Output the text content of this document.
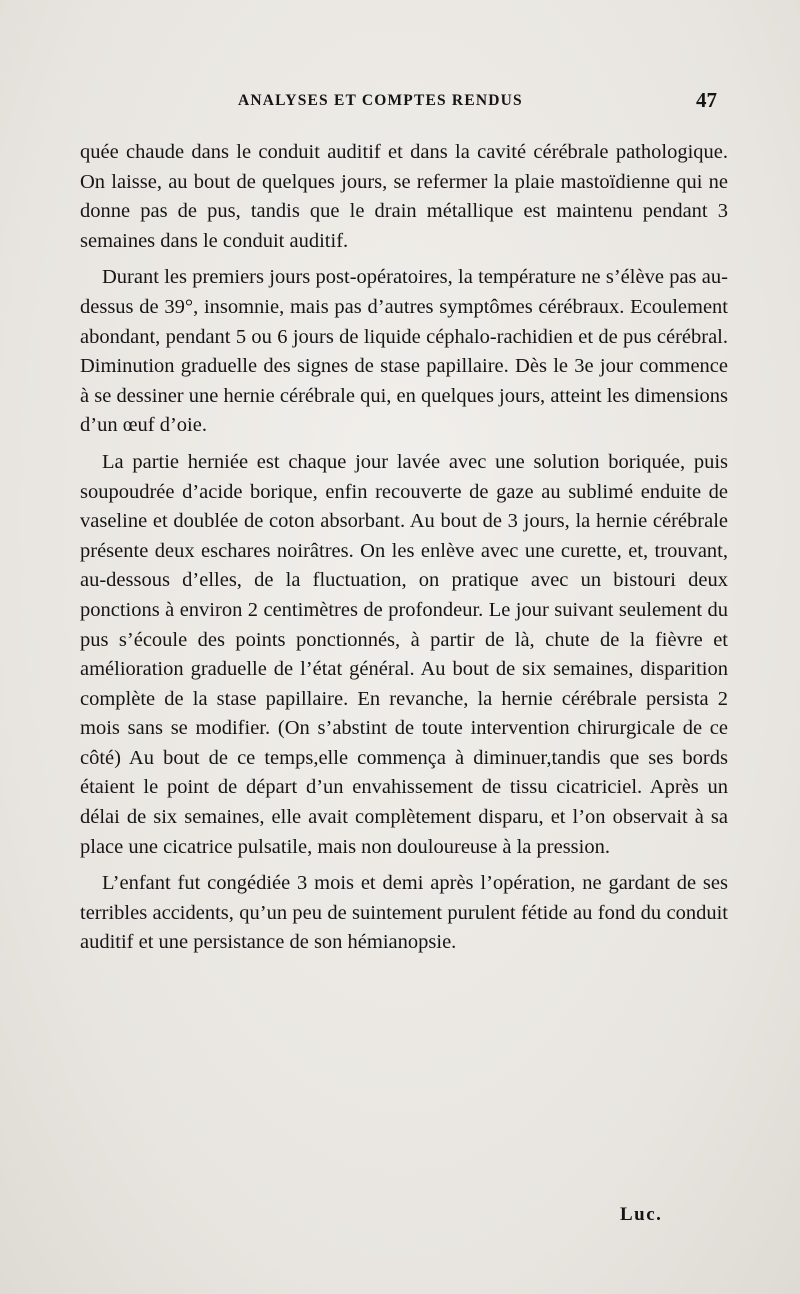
ANALYSES ET COMPTES RENDUS	47

quée chaude dans le conduit auditif et dans la cavité cérébrale pathologique. On laisse, au bout de quelques jours, se refermer la plaie mastoïdienne qui ne donne pas de pus, tandis que le drain métallique est maintenu pendant 3 semaines dans le conduit auditif.

Durant les premiers jours post-opératoires, la température ne s’élève pas au-dessus de 39°, insomnie, mais pas d’autres symptômes cérébraux. Ecoulement abondant, pendant 5 ou 6 jours de liquide céphalo-rachidien et de pus cérébral. Diminution graduelle des signes de stase papillaire. Dès le 3e jour commence à se dessiner une hernie cérébrale qui, en quelques jours, atteint les dimensions d’un œuf d’oie.

La partie herniée est chaque jour lavée avec une solution boriquée, puis soupoudrée d’acide borique, enfin recouverte de gaze au sublimé enduite de vaseline et doublée de coton absorbant. Au bout de 3 jours, la hernie cérébrale présente deux eschares noirâtres. On les enlève avec une curette, et, trouvant, au-dessous d’elles, de la fluctuation, on pratique avec un bistouri deux ponctions à environ 2 centimètres de profondeur. Le jour suivant seulement du pus s’écoule des points ponctionnés, à partir de là, chute de la fièvre et amélioration graduelle de l’état général. Au bout de six semaines, disparition complète de la stase papillaire. En revanche, la hernie cérébrale persista 2 mois sans se modifier. (On s’abstint de toute intervention chirurgicale de ce côté) Au bout de ce temps,elle commença à diminuer,tandis que ses bords étaient le point de départ d’un envahissement de tissu cicatriciel. Après un délai de six semaines, elle avait complètement disparu, et l’on observait à sa place une cicatrice pulsatile, mais non douloureuse à la pression.

L’enfant fut congédiée 3 mois et demi après l’opération, ne gardant de ses terribles accidents, qu’un peu de suintement purulent fétide au fond du conduit auditif et une persistance de son hémianopsie.

Luc.
